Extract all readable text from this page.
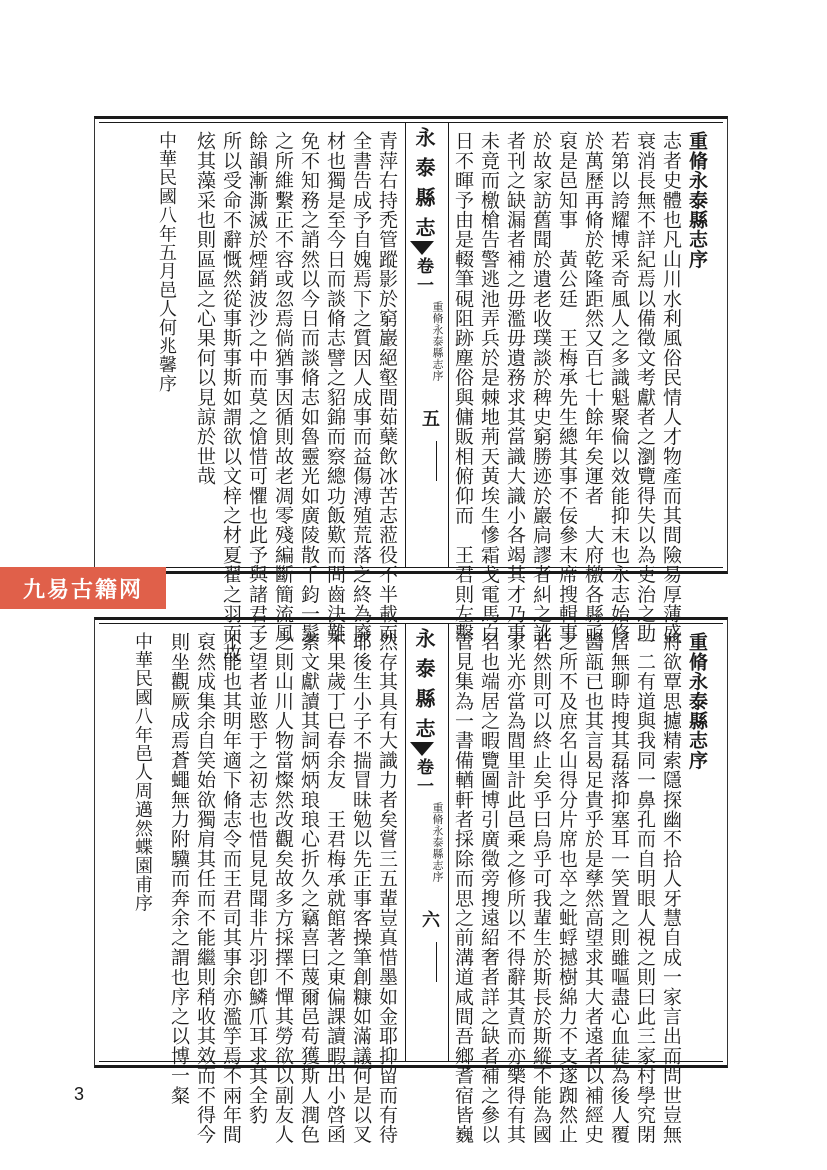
重脩永泰縣志序
志者史體也凡山川水利風俗民情人才物產而其間險易厚薄盛
衰消長無不詳紀焉以備徵文考獻者之瀏覽得失以為吏治之助
若第以誇耀博采奇風人之多識魁聚倫以效能抑末也永志始修
於萬歷再脩於乾隆距然又百七十餘年矣運者　大府檄各縣亟
裒是邑知事　黃公廷　王梅承先生總其事不佞參末席搜輯事
於故家訪舊聞於遺老收璞談於稗史窮勝迹於巖扃謬者糾之訛
者刊之缺漏者補之毋濫毋遺務求其當識大識小各竭其才乃事
未竟而檄槍告警逃池弄兵於是棘地荊天黃埃生慘霜戈電馬白
日不暉予由是輟筆硯阻跡塵俗與傭販相俯仰而　王君則左擊
永泰縣志
卷一
重脩永泰縣志序
五
青萍右持禿管蹤影於窮巖絕壑間茹蘖飲冰苦志蒞役不半載而
全書告成予自媿焉下之質因人成事而益傷溥殖荒落之終為廢
材也獨是至今日而談脩志譬之貂錦而察總功飯歎而問齒決難
免不知務之誚然以今日而談脩志如魯靈光如廣陵散千鈞一髮
之所維繫正不容或忽焉倘猶事因循則故老凋零殘編斷簡流風
餘韻漸澌滅於煙銷波沙之中而莫之愴惜可懼也此予與諸君子
所以受命不辭慨然從事斯事斯如謂欲以文梓之材夏翟之羽而故
炫其藻采也則區區之心果何以見諒於世哉
中華民國八年五月邑人何兆馨序
九易古籍网
重脩永泰縣志序
將欲覃思攄精索隱探幽不拾人牙慧自成一家言出而問世豈無
一二有道與我同一鼻孔而自明眼人視之則曰此三家村學究閉
居無聊時搜其磊落抑塞耳一笑置之則雖嘔盡心血徒為後人覆
醬瓿已也其言曷足貴乎於是孳然高望求其大者遠者以補經史
之所不及庶名山得分片席也卒之蚍蜉撼樹綿力不支遂踟然止
若然則可以終止矣乎曰烏乎可我輩生於斯長於斯縱不能為國
家光亦當為閭里計此邑乘之修所以不得辭其責而亦樂得有其
名也端居之暇覽圖博引廣徵旁搜遠紹奢者詳之缺者補之參以
管見集為一書備輶軒者採除而思之前溝道咸間吾鄉耆宿皆巍
永泰縣志
卷一
重脩永泰縣志序
六
然存其具有大識力者矣嘗三五輩豈真惜墨如金耶抑留而有待
耶後生小子不揣冒昧勉以先正事客操筆創糠如滿議何是以叉
不果歲丁巳春余友　王君梅承就館著之東偏課讀暇出小啓函
索文獻讀其詞炳炳琅琅心折久之竊喜曰蔑爾邑苟獲斯人潤色
之則山川人物當燦然改觀矣故多方採擇不憚其勞欲以副友人
之望者並愍于之初志也惜見見聞非片羽卽鱗爪耳求其全豹
不能也其明年適下脩志令而王君司其事余亦濫竽焉不兩年間
裒然成集余自笑始欲獨肩其任而不能繼則稍收其效而不得今
則坐觀厥成焉蒼蠅無力附驥而奔余之謂也序之以博一粲
中華民國八年邑人周邁然蝶園甫序
3
